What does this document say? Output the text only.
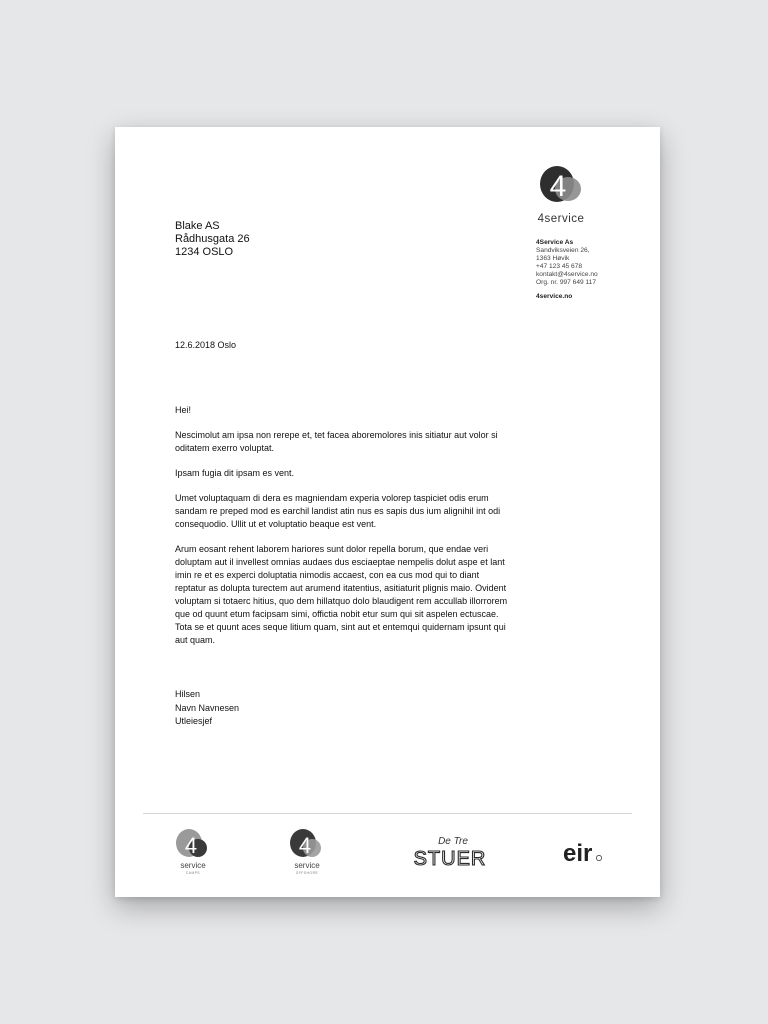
4
4service
4Service As
Sandviksveien 26,
1363 Høvik
+47 123 45 678
kontakt@4service.no
Org. nr. 997 649 117
4service.no
Blake AS
Rådhusgata 26
1234 OSLO
12.6.2018 Oslo

Hei!

Nescimolut am ipsa non rerepe et, tet facea aboremolores inis sitiatur aut volor si oditatem exerro voluptat.

Ipsam fugia dit ipsam es vent.

Umet voluptaquam di dera es magniendam experia volorep taspiciet odis erum sandam re preped mod es earchil landist atin nus es sapis dus ium alignihil int odi consequodio. Ullit ut et voluptatio beaque est vent.

Arum eosant rehent laborem hariores sunt dolor repella borum, que endae veri doluptam aut il invellest omnias audaes dus esciaeptae nempelis dolut aspe et lant imin re et es experci doluptatia nimodis accaest, con ea cus mod qui to diant reptatur as dolupta turectem aut arumend itatentius, asitiaturit plignis maio. Ovident voluptam si totaerc hitius, quo dem hillatquo dolo blaudigent rem accullab illorrorem que od quunt etum facipsam simi, offictia nobit etur sum qui sit aspelen ectuscae. Tota se et quunt aces seque litium quam, sint aut et entemqui quidernam ipsunt qui aut quam.

Hilsen
Navn Navnesen
Utleiesjef
4
service
CAMPS
4
service
OFFSHORE
De Tre
STUER	eir
